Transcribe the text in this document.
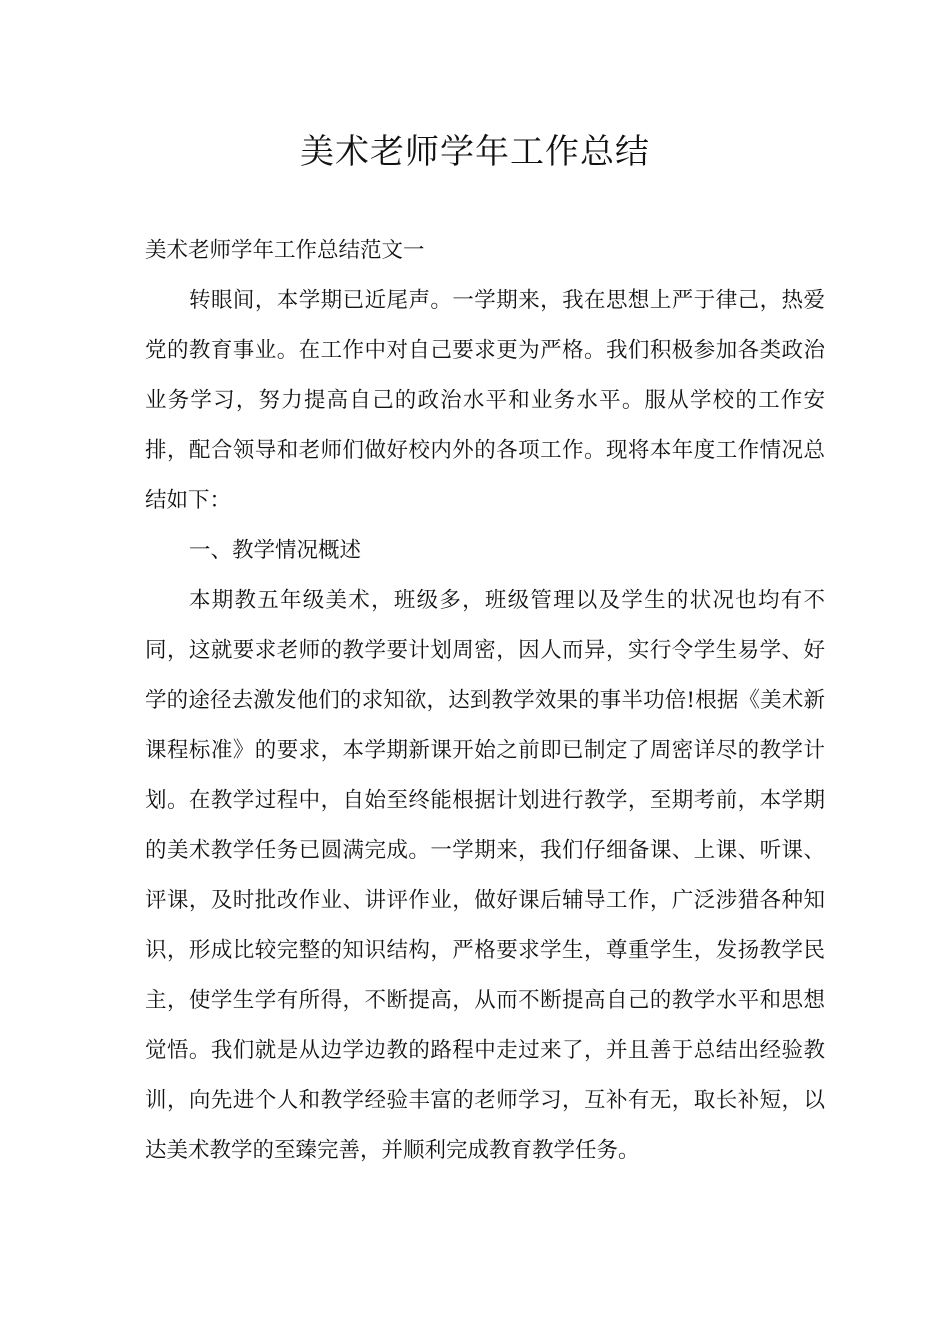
美术老师学年工作总结

美术老师学年工作总结范文一

转眼间，本学期已近尾声。一学期来，我在思想上严于律己，热爱党的教育事业。在工作中对自己要求更为严格。我们积极参加各类政治业务学习，努力提高自己的政治水平和业务水平。服从学校的工作安排，配合领导和老师们做好校内外的各项工作。现将本年度工作情况总结如下：

一、教学情况概述

本期教五年级美术，班级多，班级管理以及学生的状况也均有不同，这就要求老师的教学要计划周密，因人而异，实行令学生易学、好学的途径去激发他们的求知欲，达到教学效果的事半功倍!根据《美术新课程标准》的要求，本学期新课开始之前即已制定了周密详尽的教学计划。在教学过程中，自始至终能根据计划进行教学，至期考前，本学期的美术教学任务已圆满完成。一学期来，我们仔细备课、上课、听课、评课，及时批改作业、讲评作业，做好课后辅导工作，广泛涉猎各种知识，形成比较完整的知识结构，严格要求学生，尊重学生，发扬教学民主，使学生学有所得，不断提高，从而不断提高自己的教学水平和思想觉悟。我们就是从边学边教的路程中走过来了，并且善于总结出经验教训，向先进个人和教学经验丰富的老师学习，互补有无，取长补短，以达美术教学的至臻完善，并顺利完成教育教学任务。
